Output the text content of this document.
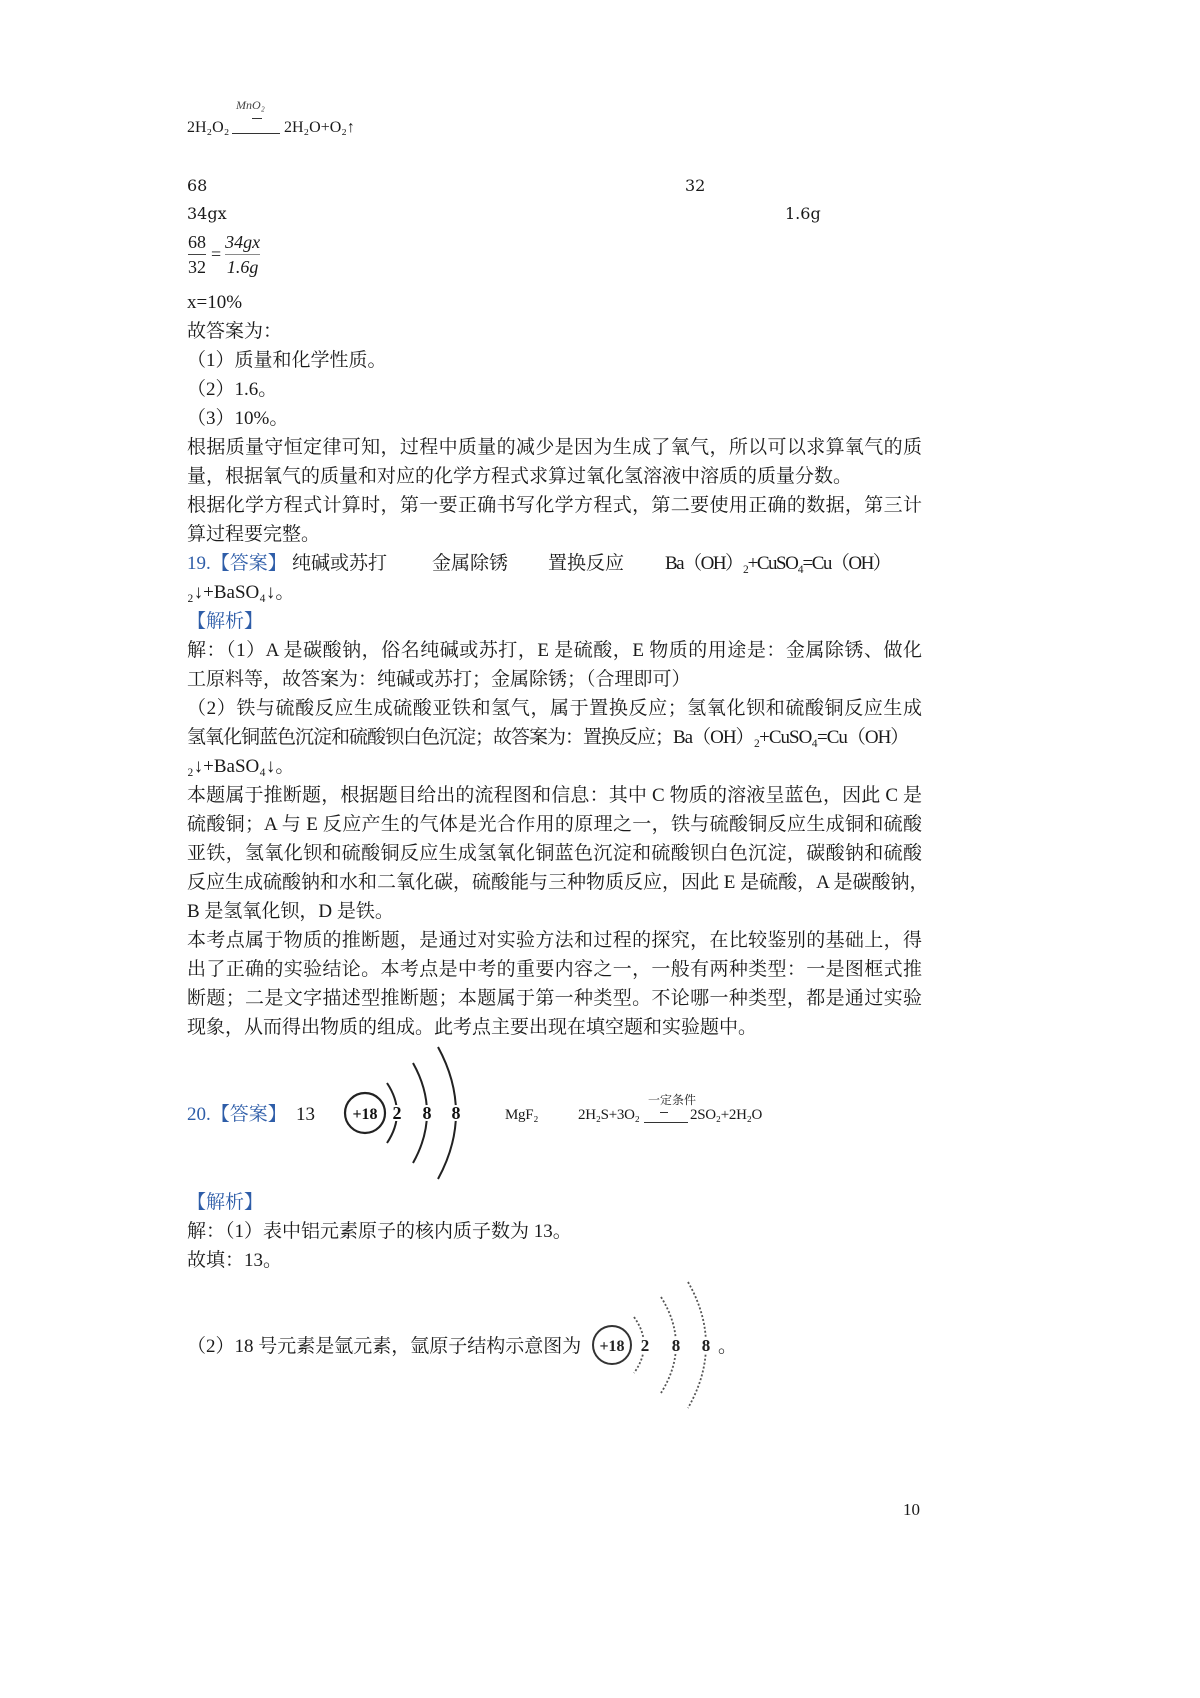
MnO₂
2H₂O₂	2H₂O+O₂↑
68	32
34gx	1.6g
$\frac{68}{32} = \frac{34gx}{1.6g}$
x=10%
故答案为：
（1）质量和化学性质。
（2）1.6。
（3）10%。
根据质量守恒定律可知，过程中质量的减少是因为生成了氧气，所以可以求算氧气的质
量，根据氧气的质量和对应的化学方程式求算过氧化氢溶液中溶质的质量分数。
根据化学方程式计算时，第一要正确书写化学方程式，第二要使用正确的数据，第三计
算过程要完整。
19.【答案】 纯碱或苏打 金属除锈 置换反应 Ba（OH）₂+CuSO₄=Cu（OH）
₂↓+BaSO₄↓。
【解析】
解：（1）A 是碳酸钠，俗名纯碱或苏打，E 是硫酸，E 物质的用途是：金属除锈、做化
工原料等，故答案为：纯碱或苏打；金属除锈；（合理即可）
（2）铁与硫酸反应生成硫酸亚铁和氢气，属于置换反应；氢氧化钡和硫酸铜反应生成
氢氧化铜蓝色沉淀和硫酸钡白色沉淀；故答案为：置换反应；Ba（OH）₂+CuSO₄=Cu（OH）
₂↓+BaSO₄↓。
本题属于推断题，根据题目给出的流程图和信息：其中 C 物质的溶液呈蓝色，因此 C 是
硫酸铜；A 与 E 反应产生的气体是光合作用的原理之一，铁与硫酸铜反应生成铜和硫酸
亚铁，氢氧化钡和硫酸铜反应生成氢氧化铜蓝色沉淀和硫酸钡白色沉淀，碳酸钠和硫酸
反应生成硫酸钠和水和二氧化碳，硫酸能与三种物质反应，因此 E 是硫酸，A 是碳酸钠，
B 是氢氧化钡，D 是铁。
本考点属于物质的推断题，是通过对实验方法和过程的探究，在比较鉴别的基础上，得
出了正确的实验结论。本考点是中考的重要内容之一，一般有两种类型：一是图框式推
断题；二是文字描述型推断题；本题属于第一种类型。不论哪一种类型，都是通过实验
现象，从而得出物质的组成。此考点主要出现在填空题和实验题中。
20.【答案】 13 +18 2 8 8	MgF₂
一定条件
2H₂S+3O₂	2SO₂+2H₂O
【解析】
解：（1）表中铝元素原子的核内质子数为 13。
故填：13。
（2）18 号元素是氩元素，氩原子结构示意图为 +18 2 8 8 。
10
